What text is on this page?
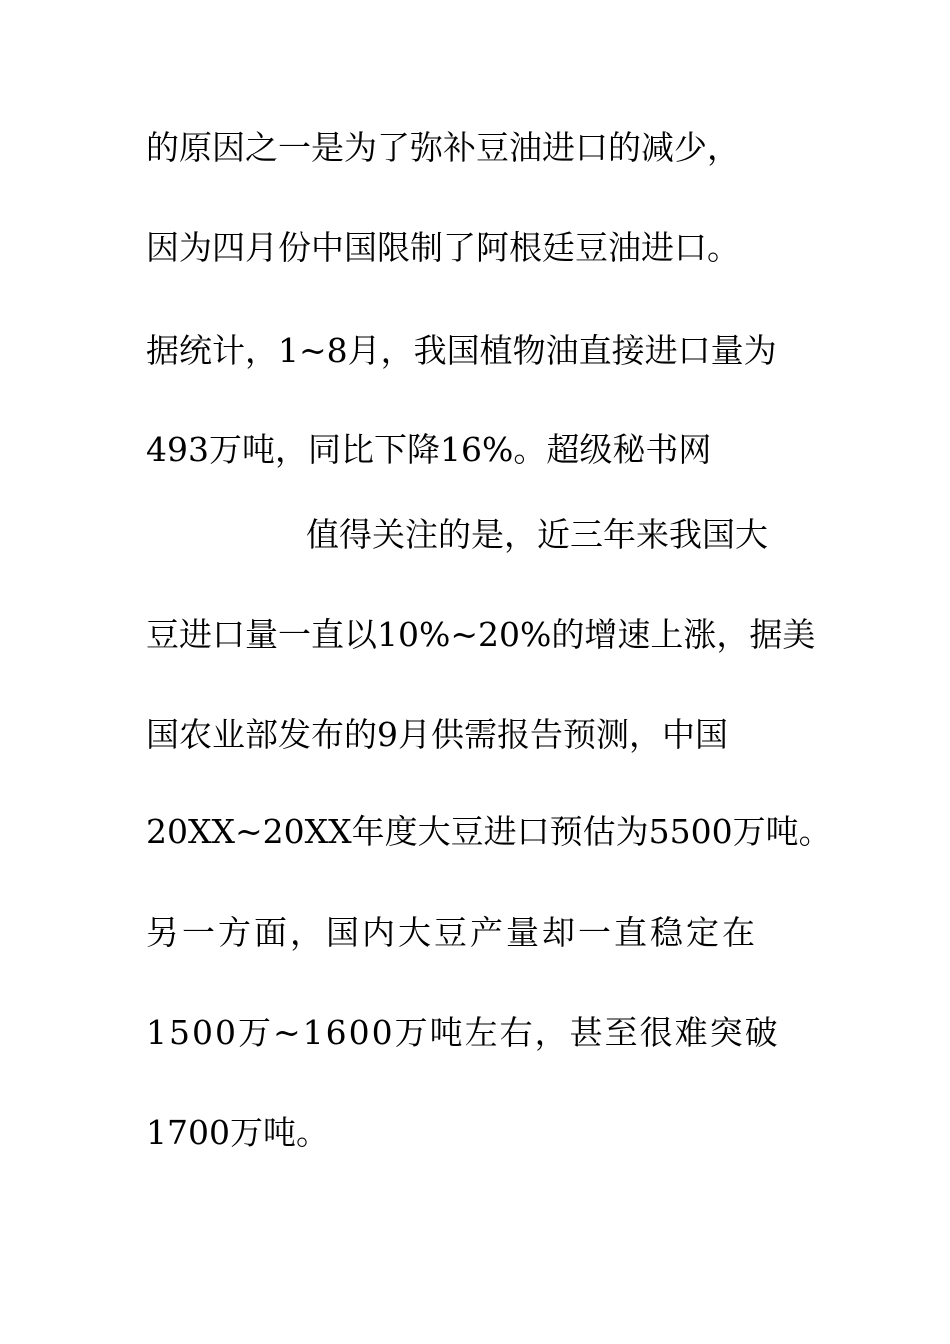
的原因之一是为了弥补豆油进口的减少，

因为四月份中国限制了阿根廷豆油进口。

据统计，1~8月，我国植物油直接进口量为

493万吨，同比下降16%。超级秘书网

值得关注的是，近三年来我国大

豆进口量一直以10%~20%的增速上涨，据美

国农业部发布的9月供需报告预测，中国

20XX~20XX年度大豆进口预估为5500万吨。

另一方面，国内大豆产量却一直稳定在

1500万~1600万吨左右，甚至很难突破

1700万吨。
